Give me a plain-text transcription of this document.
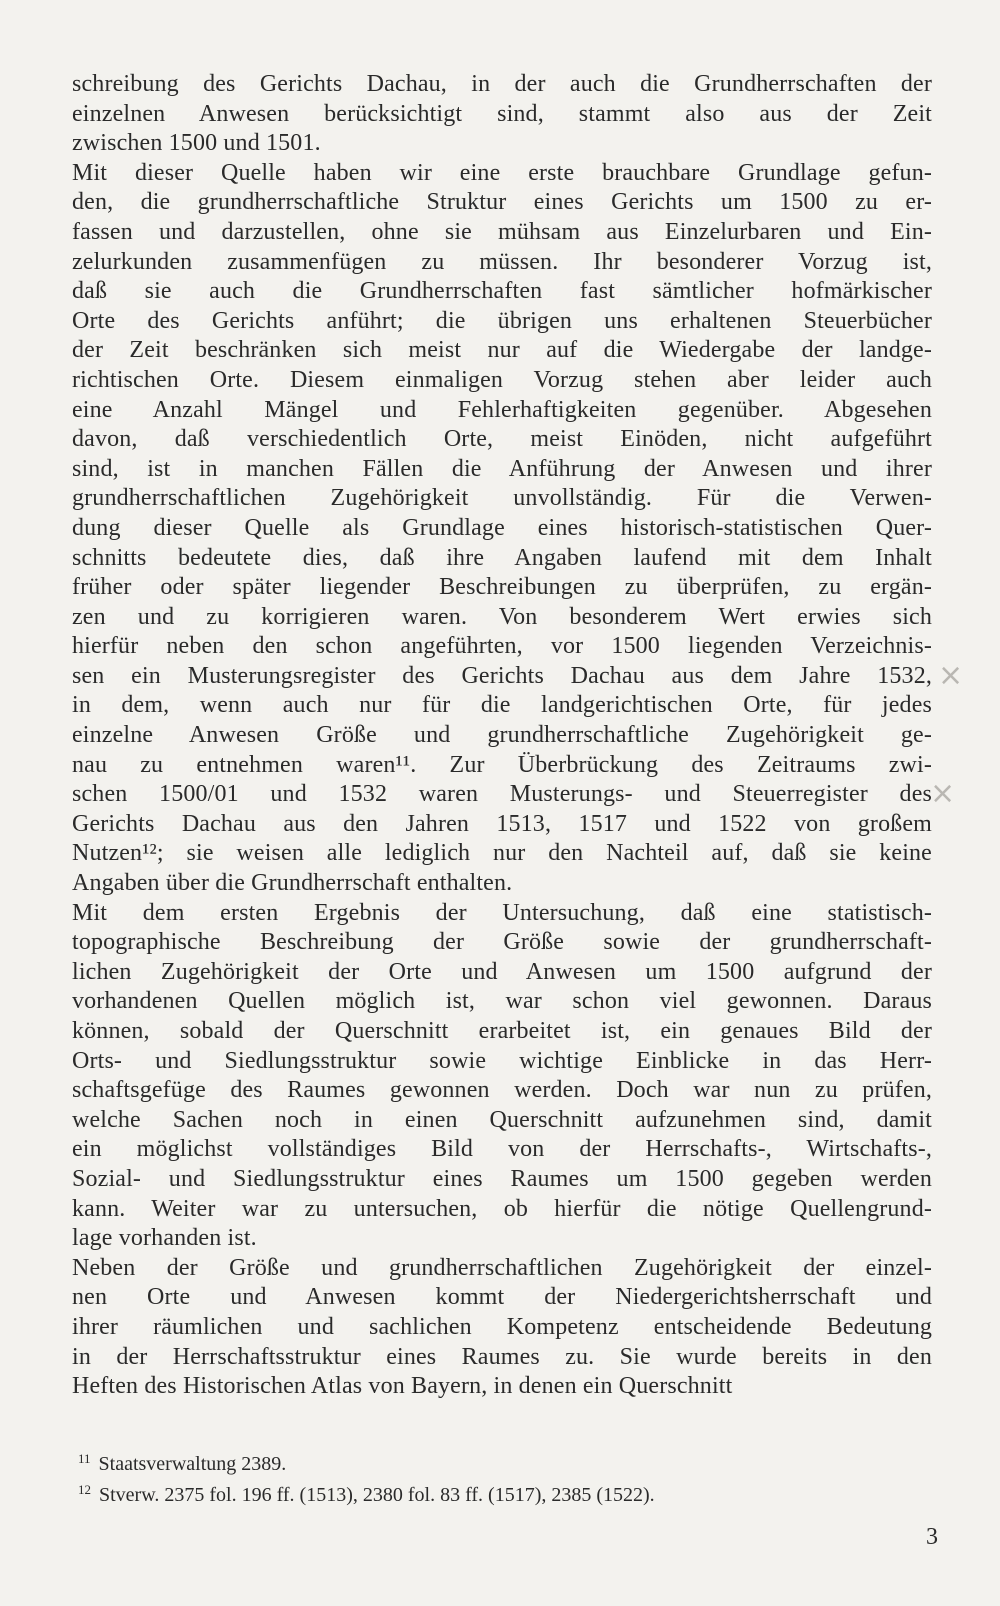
schreibung des Gerichts Dachau, in der auch die Grundherrschaften der
einzelnen Anwesen berücksichtigt sind, stammt also aus der Zeit
zwischen 1500 und 1501.
Mit dieser Quelle haben wir eine erste brauchbare Grundlage gefun-
den, die grundherrschaftliche Struktur eines Gerichts um 1500 zu er-
fassen und darzustellen, ohne sie mühsam aus Einzelurbaren und Ein-
zelurkunden zusammenfügen zu müssen. Ihr besonderer Vorzug ist,
daß sie auch die Grundherrschaften fast sämtlicher hofmärkischer
Orte des Gerichts anführt; die übrigen uns erhaltenen Steuerbücher
der Zeit beschränken sich meist nur auf die Wiedergabe der landge-
richtischen Orte. Diesem einmaligen Vorzug stehen aber leider auch
eine Anzahl Mängel und Fehlerhaftigkeiten gegenüber. Abgesehen
davon, daß verschiedentlich Orte, meist Einöden, nicht aufgeführt
sind, ist in manchen Fällen die Anführung der Anwesen und ihrer
grundherrschaftlichen Zugehörigkeit unvollständig. Für die Verwen-
dung dieser Quelle als Grundlage eines historisch-statistischen Quer-
schnitts bedeutete dies, daß ihre Angaben laufend mit dem Inhalt
früher oder später liegender Beschreibungen zu überprüfen, zu ergän-
zen und zu korrigieren waren. Von besonderem Wert erwies sich
hierfür neben den schon angeführten, vor 1500 liegenden Verzeichnis-
sen ein Musterungsregister des Gerichts Dachau aus dem Jahre 1532,
in dem, wenn auch nur für die landgerichtischen Orte, für jedes
einzelne Anwesen Größe und grundherrschaftliche Zugehörigkeit ge-
nau zu entnehmen waren¹¹. Zur Überbrückung des Zeitraums zwi-
schen 1500/01 und 1532 waren Musterungs- und Steuerregister des
Gerichts Dachau aus den Jahren 1513, 1517 und 1522 von großem
Nutzen¹²; sie weisen alle lediglich nur den Nachteil auf, daß sie keine
Angaben über die Grundherrschaft enthalten.
Mit dem ersten Ergebnis der Untersuchung, daß eine statistisch-
topographische Beschreibung der Größe sowie der grundherrschaft-
lichen Zugehörigkeit der Orte und Anwesen um 1500 aufgrund der
vorhandenen Quellen möglich ist, war schon viel gewonnen. Daraus
können, sobald der Querschnitt erarbeitet ist, ein genaues Bild der
Orts- und Siedlungsstruktur sowie wichtige Einblicke in das Herr-
schaftsgefüge des Raumes gewonnen werden. Doch war nun zu prüfen,
welche Sachen noch in einen Querschnitt aufzunehmen sind, damit
ein möglichst vollständiges Bild von der Herrschafts-, Wirtschafts-,
Sozial- und Siedlungsstruktur eines Raumes um 1500 gegeben werden
kann. Weiter war zu untersuchen, ob hierfür die nötige Quellengrund-
lage vorhanden ist.
Neben der Größe und grundherrschaftlichen Zugehörigkeit der einzel-
nen Orte und Anwesen kommt der Niedergerichtsherrschaft und
ihrer räumlichen und sachlichen Kompetenz entscheidende Bedeutung
in der Herrschaftsstruktur eines Raumes zu. Sie wurde bereits in den
Heften des Historischen Atlas von Bayern, in denen ein Querschnitt
$^{11}$ Staatsverwaltung 2389.
$^{12}$ Stverw. 2375 fol. 196 ff. (1513), 2380 fol. 83 ff. (1517), 2385 (1522).
3
×
×
